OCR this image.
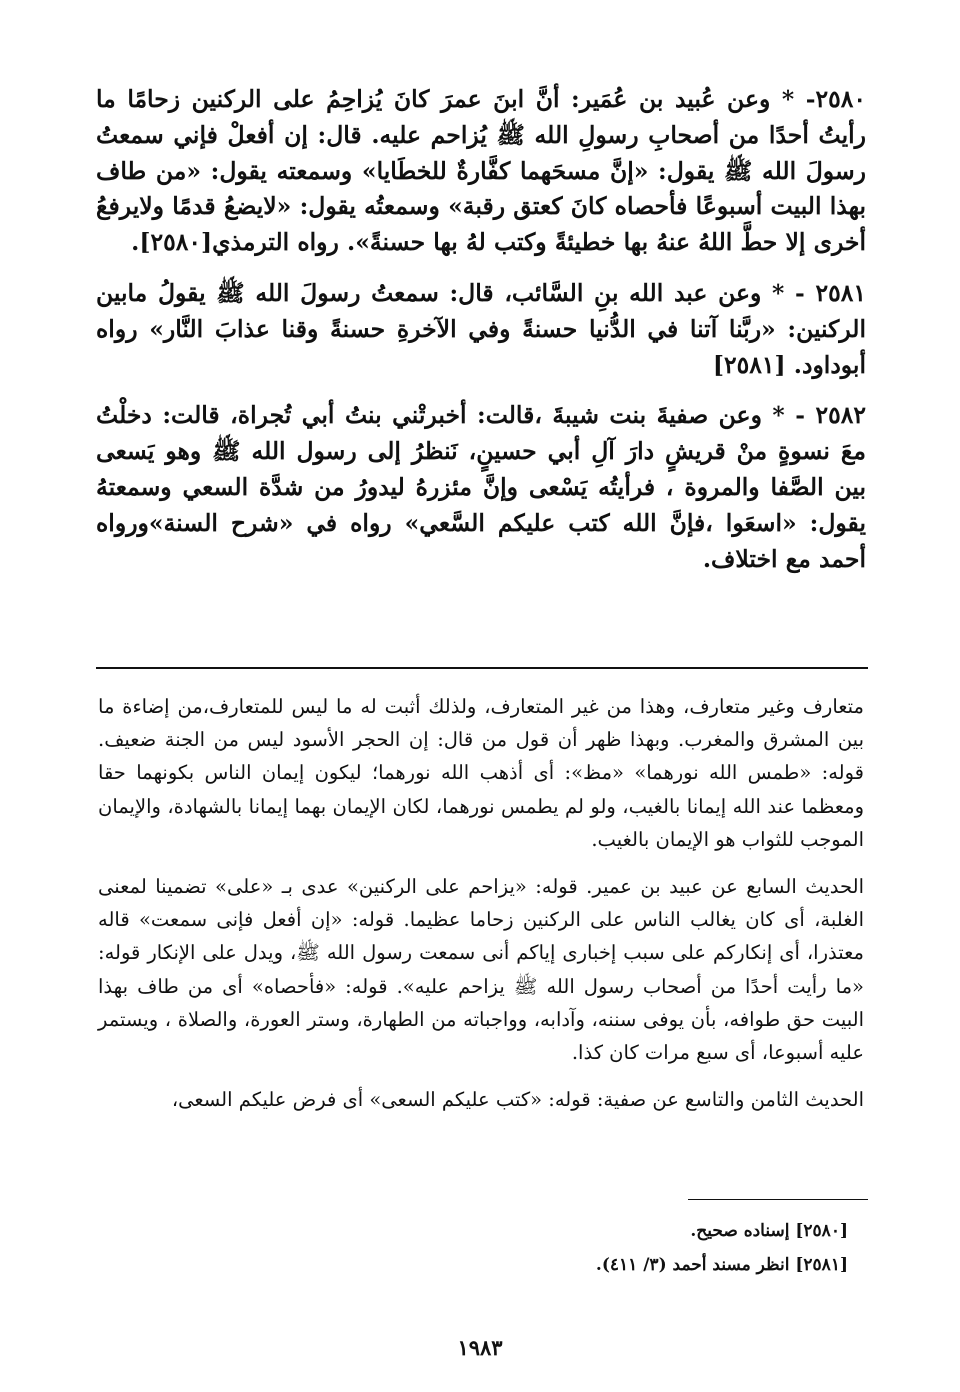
٢٥٨٠- * وعن عُبيد بن عُمَير: أنَّ ابنَ عمرَ كانَ يُزاحِمُ على الركنين زحامًا ما رأيتُ أحدًا من أصحابِ رسولِ الله ﷺ يُزاحم عليه. قال: إن أفعلْ فإني سمعتُ رسولَ الله ﷺ يقول: «إنَّ مسحَهما كفَّارةٌ للخطَايا» وسمعته يقول: «من طاف بهذا البيت أسبوعًا فأحصاه كانَ كعتق رقبة» وسمعتُه يقول: «لايضعُ قدمًا ولايرفعُ أخرى إلا حطَّ اللهُ عنهُ بها خطيئةً وكتب لهُ بها حسنةً». رواه الترمذي[٢٥٨٠].

٢٥٨١ - * وعن عبد الله بنِ السَّائب، قال: سمعتُ رسولَ الله ﷺ يقولُ مابين الركنين: «ربَّنا آتنا في الدُّنيا حسنةً وفي الآخرةِ حسنةً وقنا عذابَ النَّار» رواه أبوداود. [٢٥٨١]

٢٥٨٢ - * وعن صفيةَ بنت شيبةَ ،قالت: أخبرتْني بنتُ أبي تُجراة، قالت: دخلْتُ معَ نسوةٍ منْ قريشٍ دارَ آلِ أبي حسينٍ، نَنظرُ إلى رسول الله ﷺ وهو يَسعى بين الصَّفا والمروة ، فرأيتُه يَسْعى وإنَّ مئزرهُ ليدورُ من شدَّة السعي وسمعتهُ يقول: «اسعَوا ،فإنَّ الله كتب عليكم السَّعي» رواه في «شرح السنة»ورواه أحمد مع اختلاف.

متعارف وغير متعارف، وهذا من غير المتعارف، ولذلك أثبت له ما ليس للمتعارف،من إضاءة ما بين المشرق والمغرب. وبهذا ظهر أن قول من قال: إن الحجر الأسود ليس من الجنة ضعيف. قوله: «طمس الله نورهما» «مظ»: أى أذهب الله نورهما؛ ليكون إيمان الناس بكونهما حقا ومعظما عند الله إيمانا بالغيب، ولو لم يطمس نورهما، لكان الإيمان بهما إيمانا بالشهادة، والإيمان الموجب للثواب هو الإيمان بالغيب.

الحديث السابع عن عبيد بن عمير. قوله: «يزاحم على الركنين» عدى بـ «على» تضمينا لمعنى الغلبة، أى كان يغالب الناس على الركنين زحاما عظيما. قوله: «إن أفعل فإنى سمعت» قاله معتذرا، أى إنكاركم على سبب إخبارى إياكم أنى سمعت رسول الله ﷺ، ويدل على الإنكار قوله: «ما رأيت أحدًا من أصحاب رسول الله ﷺ يزاحم عليه». قوله: «فأحصاه» أى من طاف بهذا البيت حق طوافه، بأن يوفى سننه، وآدابه، وواجباته من الطهارة، وستر العورة، والصلاة ، ويستمر عليه أسبوعا، أى سبع مرات كان كذا.

الحديث الثامن والتاسع عن صفية: قوله: «كتب عليكم السعى» أى فرض عليكم السعى،

[٢٥٨٠] إسناده صحيح.

[٢٥٨١] انظر مسند أحمد (٣/ ٤١١).

١٩٨٣
